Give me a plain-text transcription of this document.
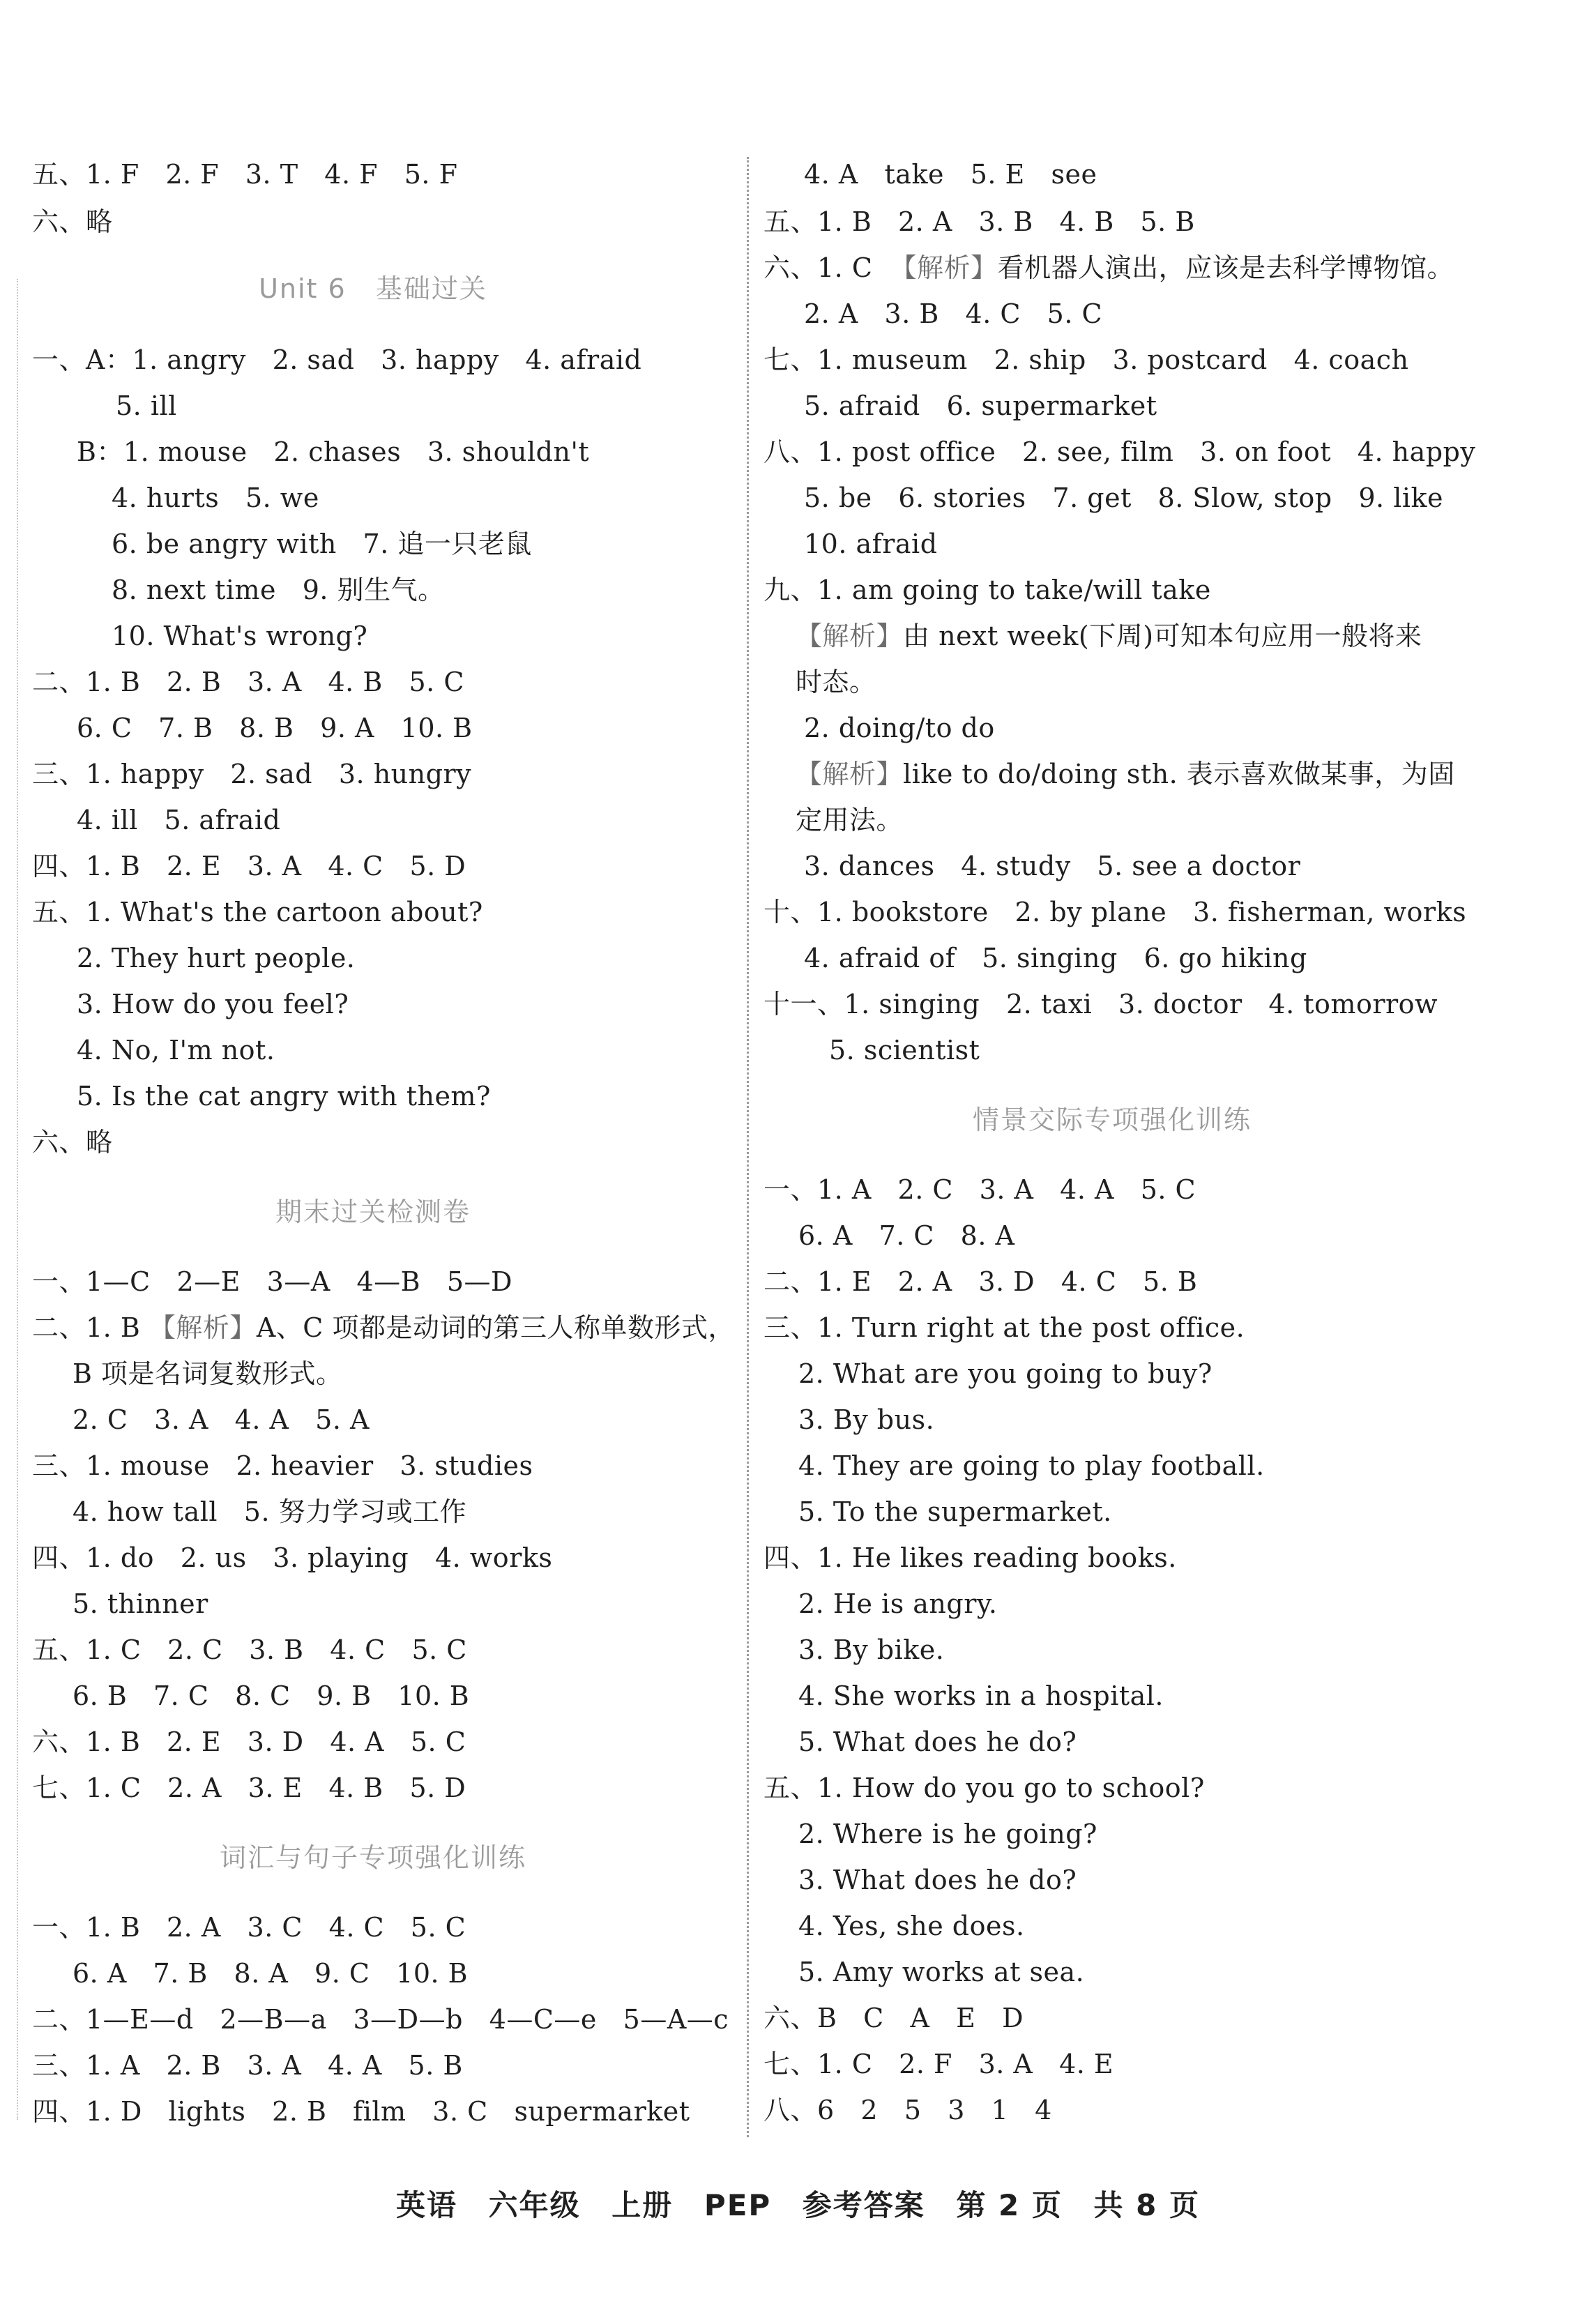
五、1. F   2. F   3. T   4. F   5. F
六、略
Unit 6   基础过关
一、A：1. angry   2. sad   3. happy   4. afraid
5. ill
B：1. mouse   2. chases   3. shouldn't
4. hurts   5. we
6. be angry with   7. 追一只老鼠
8. next time   9. 别生气。
10. What's wrong?
二、1. B   2. B   3. A   4. B   5. C
6. C   7. B   8. B   9. A   10. B
三、1. happy   2. sad   3. hungry
4. ill   5. afraid
四、1. B   2. E   3. A   4. C   5. D
五、1. What's the cartoon about?
2. They hurt people.
3. How do you feel?
4. No, I'm not.
5. Is the cat angry with them?
六、略
期末过关检测卷
一、1—C   2—E   3—A   4—B   5—D
二、1. B 【解析】A、C 项都是动词的第三人称单数形式，
B 项是名词复数形式。
2. C   3. A   4. A   5. A
三、1. mouse   2. heavier   3. studies
4. how tall   5. 努力学习或工作
四、1. do   2. us   3. playing   4. works
5. thinner
五、1. C   2. C   3. B   4. C   5. C
6. B   7. C   8. C   9. B   10. B
六、1. B   2. E   3. D   4. A   5. C
七、1. C   2. A   3. E   4. B   5. D
词汇与句子专项强化训练
一、1. B   2. A   3. C   4. C   5. C
6. A   7. B   8. A   9. C   10. B
二、1—E—d   2—B—a   3—D—b   4—C—e   5—A—c
三、1. A   2. B   3. A   4. A   5. B
四、1. D   lights   2. B   film   3. C   supermarket
4. A   take   5. E   see
五、1. B   2. A   3. B   4. B   5. B
六、1. C  【解析】看机器人演出，应该是去科学博物馆。
2. A   3. B   4. C   5. C
七、1. museum   2. ship   3. postcard   4. coach
5. afraid   6. supermarket
八、1. post office   2. see, film   3. on foot   4. happy
5. be   6. stories   7. get   8. Slow, stop   9. like
10. afraid
九、1. am going to take/will take
【解析】由 next week(下周)可知本句应用一般将来
时态。
2. doing/to do
【解析】like to do/doing sth. 表示喜欢做某事，为固
定用法。
3. dances   4. study   5. see a doctor
十、1. bookstore   2. by plane   3. fisherman, works
4. afraid of   5. singing   6. go hiking
十一、1. singing   2. taxi   3. doctor   4. tomorrow
5. scientist
情景交际专项强化训练
一、1. A   2. C   3. A   4. A   5. C
6. A   7. C   8. A
二、1. E   2. A   3. D   4. C   5. B
三、1. Turn right at the post office.
2. What are you going to buy?
3. By bus.
4. They are going to play football.
5. To the supermarket.
四、1. He likes reading books.
2. He is angry.
3. By bike.
4. She works in a hospital.
5. What does he do?
五、1. How do you go to school?
2. Where is he going?
3. What does he do?
4. Yes, she does.
5. Amy works at sea.
六、B   C   A   E   D
七、1. C   2. F   3. A   4. E
八、6   2   5   3   1   4
英语 六年级 上册 PEP 参考答案 第 2 页 共 8 页
